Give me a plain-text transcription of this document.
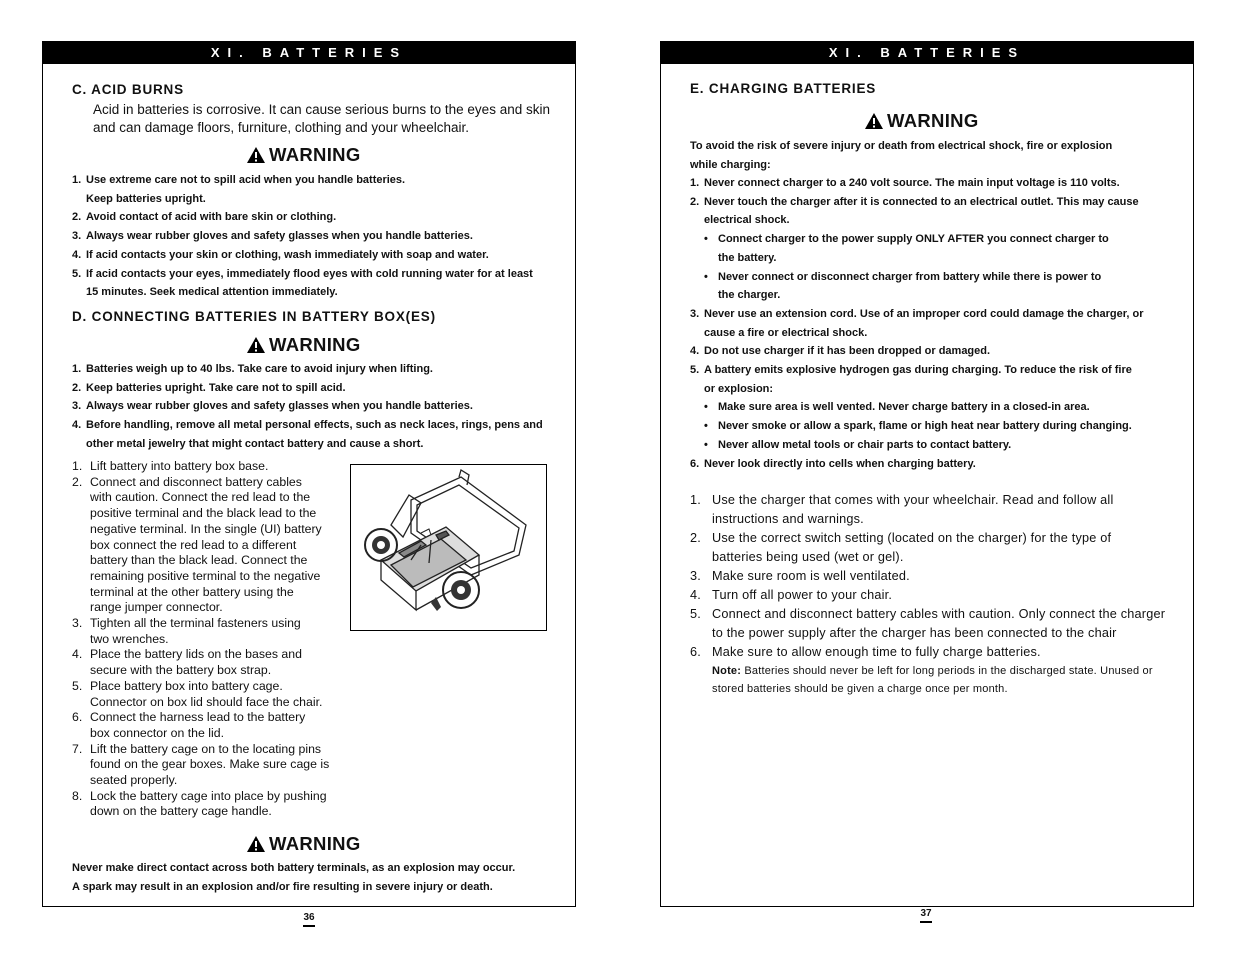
XI. BATTERIES
C. ACID BURNS
Acid in batteries is corrosive. It can cause serious burns to the eyes and skin
and can damage floors, furniture, clothing and your wheelchair.
WARNING
1. Use extreme care not to spill acid when you handle batteries.
Keep batteries upright.
2. Avoid contact of acid with bare skin or clothing.
3. Always wear rubber gloves and safety glasses when you handle batteries.
4. If acid contacts your skin or clothing, wash immediately with soap and water.
5. If acid contacts your eyes, immediately flood eyes with cold running water for at least
15 minutes. Seek medical attention immediately.
D. CONNECTING BATTERIES IN BATTERY BOX(ES)
WARNING
1. Batteries weigh up to 40 lbs. Take care to avoid injury when lifting.
2. Keep batteries upright. Take care not to spill acid.
3. Always wear rubber gloves and safety glasses when you handle batteries.
4. Before handling, remove all metal personal effects, such as neck laces, rings, pens and
other metal jewelry that might contact battery and cause a short.
1. Lift battery into battery box base.
2. Connect and disconnect battery cables
with caution. Connect the red lead to the
positive terminal and the black lead to the
negative terminal. In the single (UI) battery
box connect the red lead to a different
battery than the black lead. Connect the
remaining positive terminal to the negative
terminal at the other battery using the
range jumper connector.
3. Tighten all the terminal fasteners using
two wrenches.
4. Place the battery lids on the bases and
secure with the battery box strap.
5. Place battery box into battery cage.
Connector on box lid should face the chair.
6. Connect the harness lead to the battery
box connector on the lid.
7. Lift the battery cage on to the locating pins
found on the gear boxes. Make sure cage is
seated properly.
8. Lock the battery cage into place by pushing
down on the battery cage handle.
WARNING
Never make direct contact across both battery terminals, as an explosion may occur.
A spark may result in an explosion and/or fire resulting in severe injury or death.
36
XI. BATTERIES
E. CHARGING BATTERIES
WARNING
To avoid the risk of severe injury or death from electrical shock, fire or explosion
while charging:
1. Never connect charger to a 240 volt source. The main input voltage is 110 volts.
2. Never touch the charger after it is connected to an electrical outlet. This may cause
electrical shock.
• Connect charger to the power supply ONLY AFTER you connect charger to
the battery.
• Never connect or disconnect charger from battery while there is power to
the charger.
3. Never use an extension cord. Use of an improper cord could damage the charger, or
cause a fire or electrical shock.
4. Do not use charger if it has been dropped or damaged.
5. A battery emits explosive hydrogen gas during charging. To reduce the risk of fire
or explosion:
• Make sure area is well vented. Never charge battery in a closed-in area.
• Never smoke or allow a spark, flame or high heat near battery during changing.
• Never allow metal tools or chair parts to contact battery.
6. Never look directly into cells when charging battery.
1. Use the charger that comes with your wheelchair. Read and follow all
instructions and warnings.
2. Use the correct switch setting (located on the charger) for the type of
batteries being used (wet or gel).
3. Make sure room is well ventilated.
4. Turn off all power to your chair.
5. Connect and disconnect battery cables with caution. Only connect the charger
to the power supply after the charger has been connected to the chair
6. Make sure to allow enough time to fully charge batteries.
Note: Batteries should never be left for long periods in the discharged state. Unused or
stored batteries should be given a charge once per month.
37
